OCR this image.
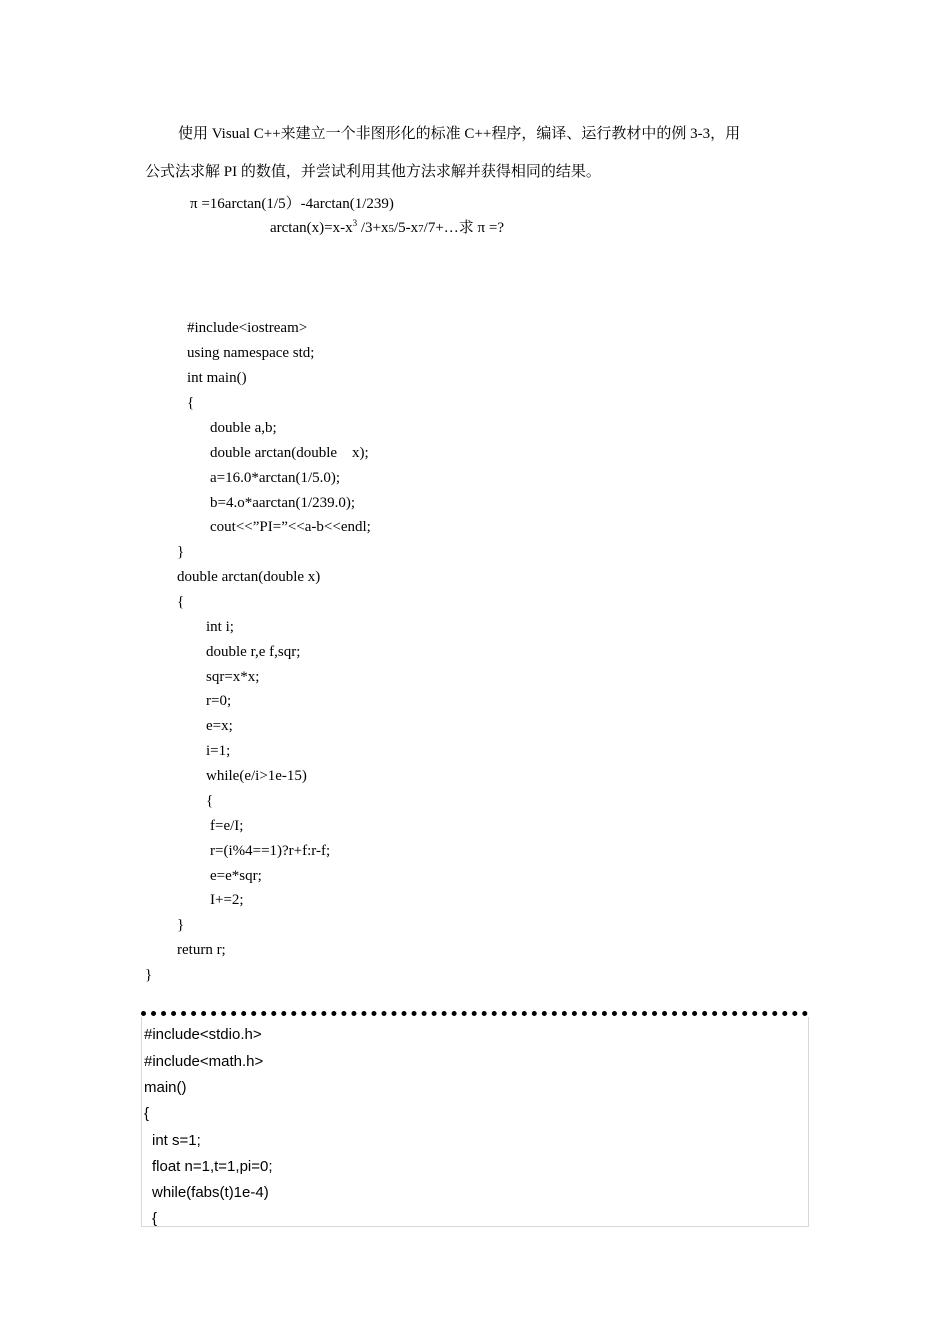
使用 Visual C++来建立一个非图形化的标准 C++程序，编译、运行教材中的例 3-3，用
公式法求解 PI 的数值，并尝试利用其他方法求解并获得相同的结果。
π =16arctan(1/5）-4arctan(1/239)
$\arctan(x)=x-x^3$ /3+x5/5-x7/7+…求 π =?
#include<iostream>
using namespace std;
int main()
{
double a,b;
double arctan(double    x);
a=16.0*arctan(1/5.0);
b=4.o*aarctan(1/239.0);
cout<<”PI=”<<a-b<<endl;
}
double arctan(double x)
{
int i;
double r,e f,sqr;
sqr=x*x;
r=0;
e=x;
i=1;
while(e/i>1e-15)
{
f=e/I;
r=(i%4==1)?r+f:r-f;
e=e*sqr;
I+=2;
}
return r;
}
#include<stdio.h>
#include<math.h>
main()
{
int s=1;
float n=1,t=1,pi=0;
while(fabs(t)1e-4)
{
